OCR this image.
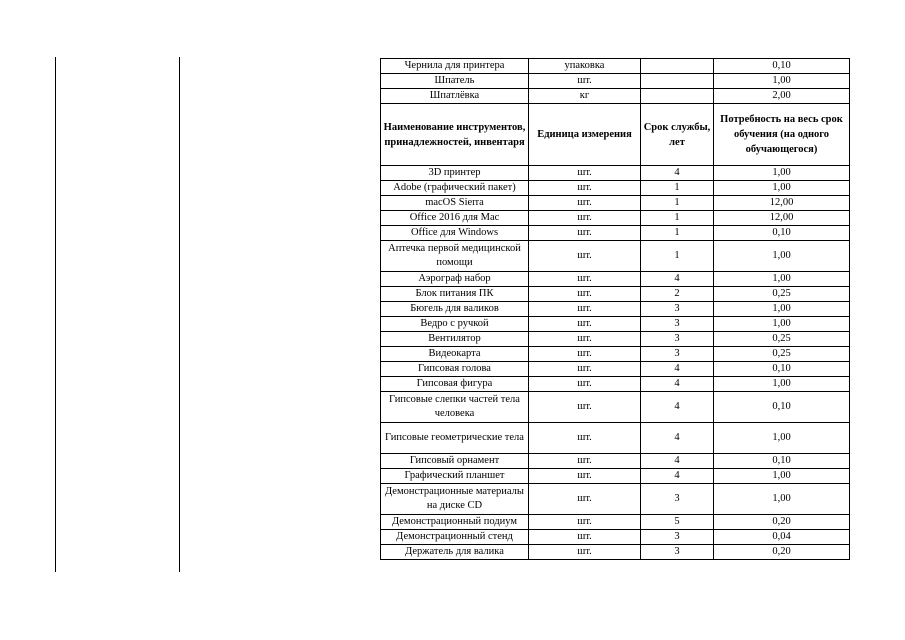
Чернила для принтера	упаковка		0,10
Шпатель	шт.		1,00
Шпатлёвка	кг		2,00
Наименование инструментов, принадлежностей, инвентаря	Единица измерения	Срок службы, лет	Потребность на весь срок обучения (на одного обучающегося)
3D принтер	шт.	4	1,00
Adobe (графический пакет)	шт.	1	1,00
macOS Sierra	шт.	1	12,00
Office 2016 для Mac	шт.	1	12,00
Office для Windows	шт.	1	0,10
Аптечка первой медицинской помощи	шт.	1	1,00
Аэрограф набор	шт.	4	1,00
Блок питания ПК	шт.	2	0,25
Бюгель для валиков	шт.	3	1,00
Ведро с ручкой	шт.	3	1,00
Вентилятор	шт.	3	0,25
Видеокарта	шт.	3	0,25
Гипсовая голова	шт.	4	0,10
Гипсовая фигура	шт.	4	1,00
Гипсовые слепки частей тела человека	шт.	4	0,10
Гипсовые геометрические тела	шт.	4	1,00
Гипсовый орнамент	шт.	4	0,10
Графический планшет	шт.	4	1,00
Демонстрационные материалы на диске CD	шт.	3	1,00
Демонстрационный подиум	шт.	5	0,20
Демонстрационный стенд	шт.	3	0,04
Держатель для валика	шт.	3	0,20
